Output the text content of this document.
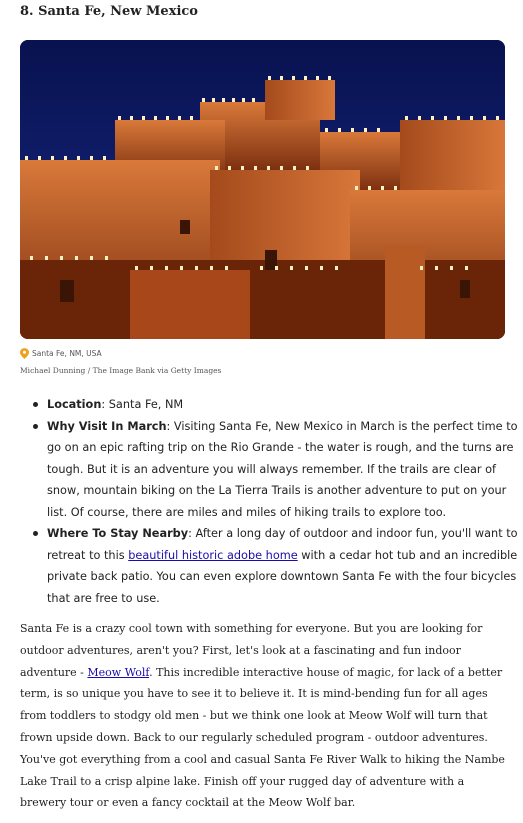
8. Santa Fe, New Mexico
Santa Fe, NM, USA
Michael Dunning / The Image Bank via Getty Images
Location: Santa Fe, NM
Why Visit In March: Visiting Santa Fe, New Mexico in March is the perfect time to go on an epic rafting trip on the Rio Grande - the water is rough, and the turns are tough. But it is an adventure you will always remember. If the trails are clear of snow, mountain biking on the La Tierra Trails is another adventure to put on your list. Of course, there are miles and miles of hiking trails to explore too.
Where To Stay Nearby: After a long day of outdoor and indoor fun, you'll want to retreat to this beautiful historic adobe home with a cedar hot tub and an incredible private back patio. You can even explore downtown Santa Fe with the four bicycles that are free to use.

Santa Fe is a crazy cool town with something for everyone. But you are looking for outdoor adventures, aren't you? First, let's look at a fascinating and fun indoor adventure - Meow Wolf. This incredible interactive house of magic, for lack of a better term, is so unique you have to see it to believe it. It is mind-bending fun for all ages from toddlers to stodgy old men - but we think one look at Meow Wolf will turn that frown upside down. Back to our regularly scheduled program - outdoor adventures. You've got everything from a cool and casual Santa Fe River Walk to hiking the Nambe Lake Trail to a crisp alpine lake. Finish off your rugged day of adventure with a brewery tour or even a fancy cocktail at the Meow Wolf bar.
